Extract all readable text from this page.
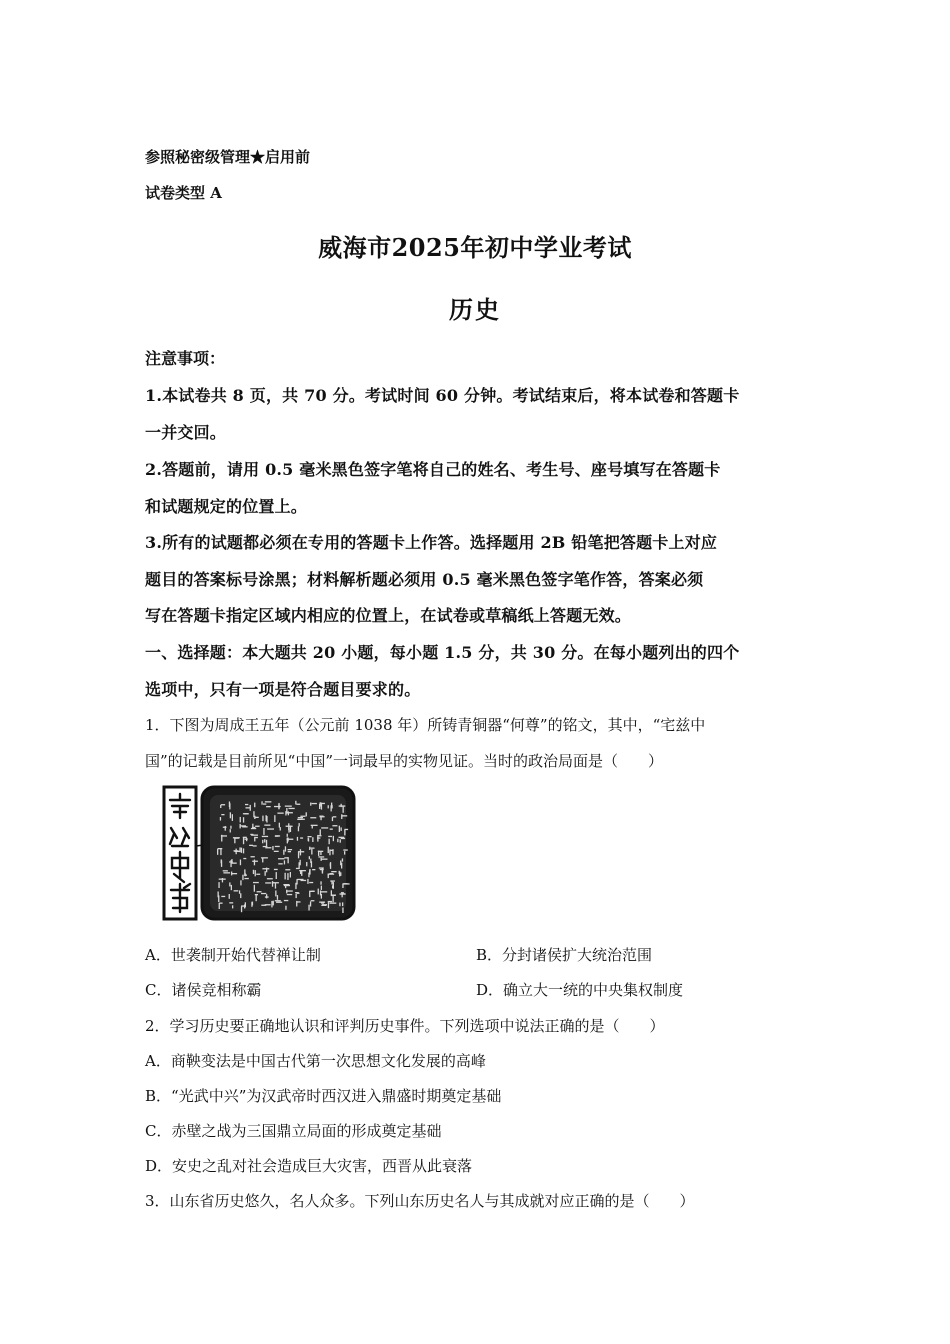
参照秘密级管理★启用前
试卷类型 A
威海市2025年初中学业考试
历史
注意事项：
1.本试卷共 8 页，共 70 分。考试时间 60 分钟。考试结束后，将本试卷和答题卡
一并交回。
2.答题前，请用 0.5 毫米黑色签字笔将自己的姓名、考生号、座号填写在答题卡
和试题规定的位置上。
3.所有的试题都必须在专用的答题卡上作答。选择题用 2B 铅笔把答题卡上对应
题目的答案标号涂黑；材料解析题必须用 0.5 毫米黑色签字笔作答，答案必须
写在答题卡指定区域内相应的位置上，在试卷或草稿纸上答题无效。
一、选择题：本大题共 20 小题，每小题 1.5 分，共 30 分。在每小题列出的四个
选项中，只有一项是符合题目要求的。
1．下图为周成王五年（公元前 1038 年）所铸青铜器“何尊”的铭文，其中，“宅兹中
国”的记载是目前所见“中国”一词最早的实物见证。当时的政治局面是（　　）
A．世袭制开始代替禅让制	B．分封诸侯扩大统治范围
C．诸侯竞相称霸	D．确立大一统的中央集权制度
2．学习历史要正确地认识和评判历史事件。下列选项中说法正确的是（　　）
A．商鞅变法是中国古代第一次思想文化发展的高峰
B．“光武中兴”为汉武帝时西汉进入鼎盛时期奠定基础
C．赤壁之战为三国鼎立局面的形成奠定基础
D．安史之乱对社会造成巨大灾害，西晋从此衰落
3．山东省历史悠久，名人众多。下列山东历史名人与其成就对应正确的是（　　）
